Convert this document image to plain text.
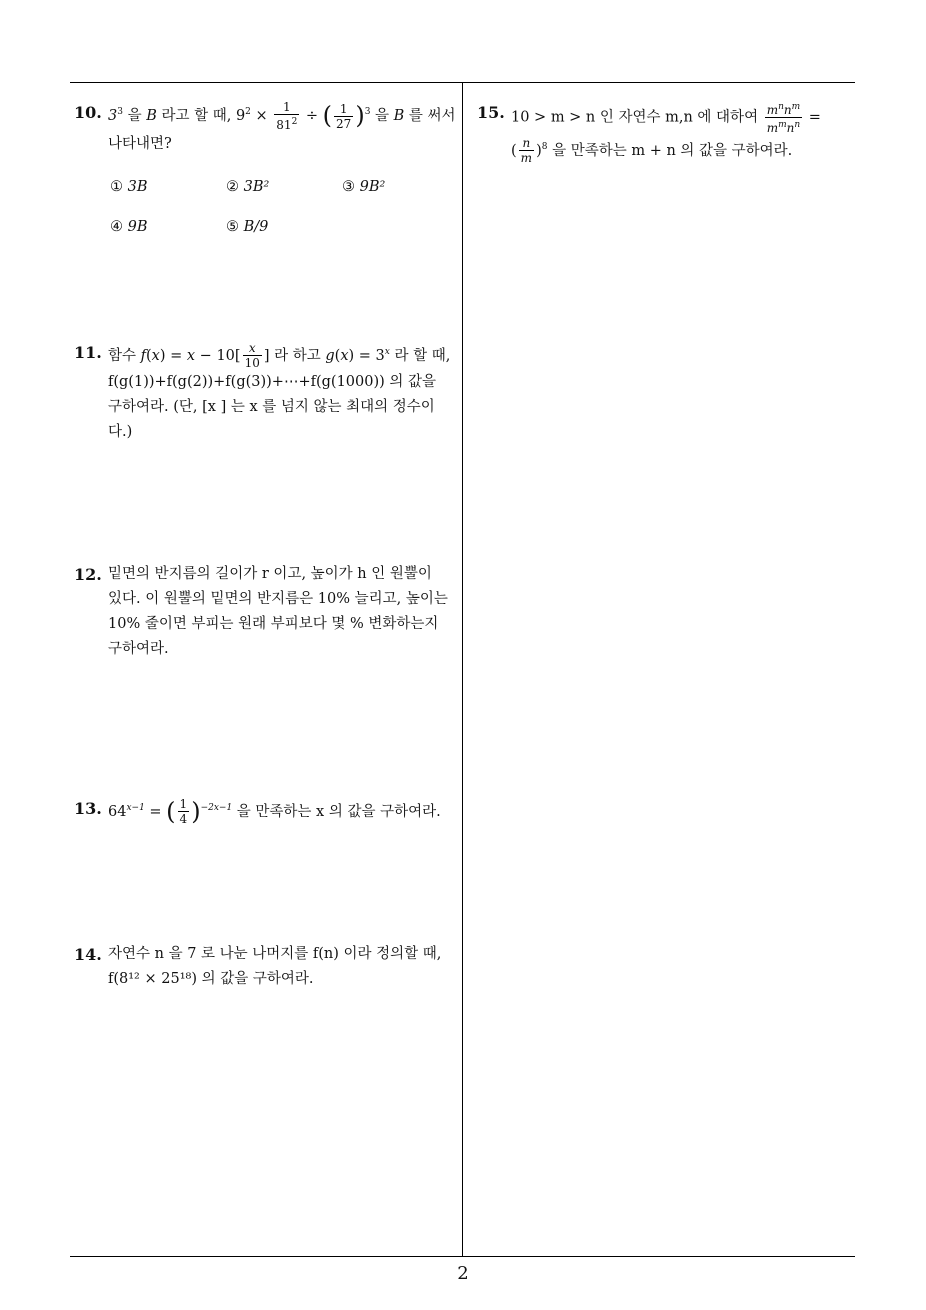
10. $3^3$ 을 B 라고 할 때, $9^2 \times \frac{1}{81^2}$ ÷ ( $\frac{1}{27} )^3$ 을 B 를 써서
나타내면?
① 3B	② 3B²	③ 9B²
④ 9B	⑤ B/9
11. 함수 $f(x) = x - 10[ \frac{x}{10}$ ] 라 하고 $g(x) = 3^x$ 라 할 때,
f(g(1))+f(g(2))+f(g(3))+⋯+f(g(1000)) 의 값을
구하여라. (단, [x ] 는 x 를 넘지 않는 최대의 정수이
다.)
12. 밑면의 반지름의 길이가 r 이고, 높이가 h 인 원뿔이
있다. 이 원뿔의 밑면의 반지름은 10% 늘리고, 높이는
10% 줄이면 부피는 원래 부피보다 몇 % 변화하는지
구하여라.
13. $64^{x-1}$ = ( $\frac{1}{4} )^{-2x-1}$ 을 만족하는 x 의 값을 구하여라.
14. 자연수 n 을 7 로 나눈 나머지를 f(n) 이라 정의할 때,
f(8¹² × 25¹⁸) 의 값을 구하여라.
15. 10 > m > n 인 자연수 m,n 에 대하여 $\frac{m^nn^m}{m^mn^n}$ =
( $\frac{n}{m} )^8$ 을 만족하는 m + n 의 값을 구하여라.
2
